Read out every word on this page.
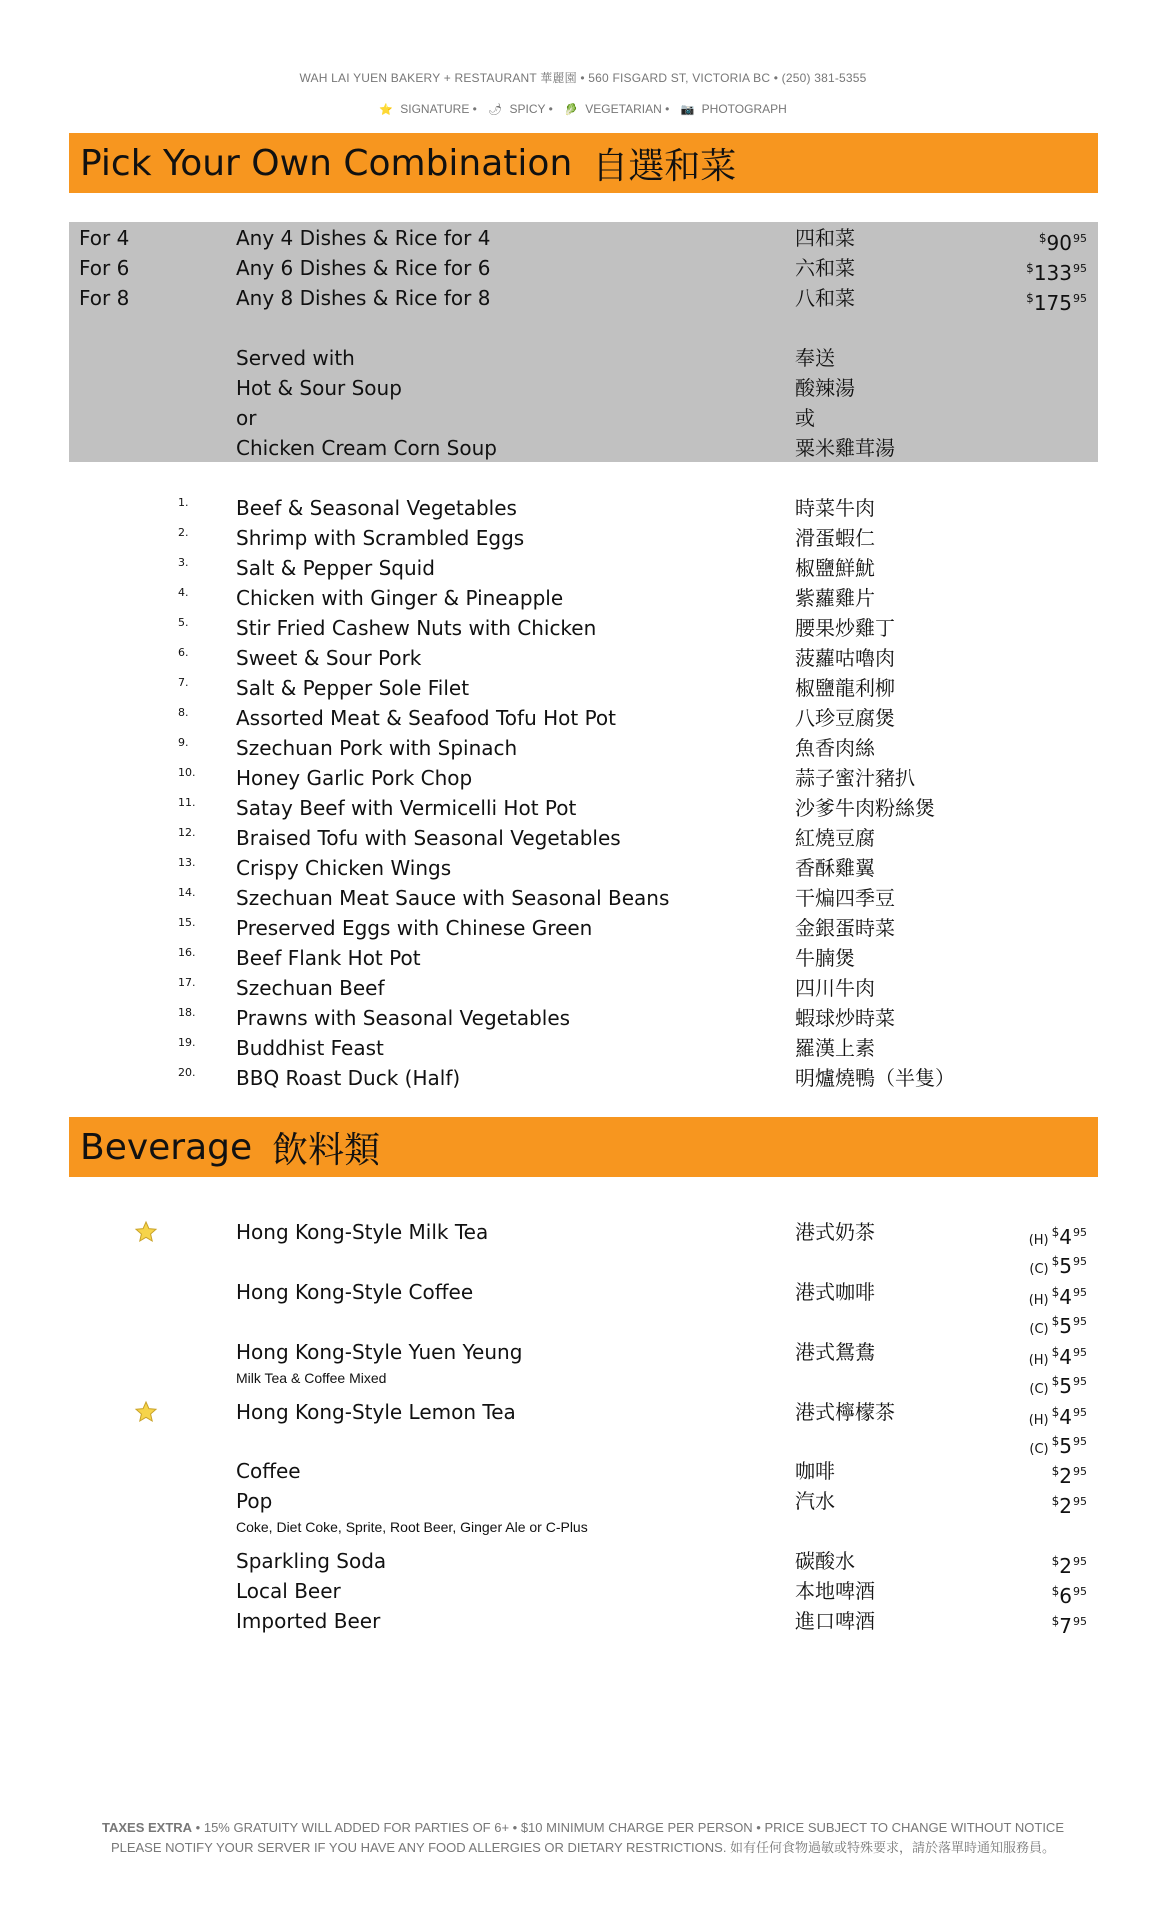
WAH LAI YUEN BAKERY + RESTAURANT 華麗園 • 560 FISGARD ST, VICTORIA BC • (250) 381-5355
⭐ SIGNATURE • 🌶 SPICY • 🥬 VEGETARIAN • 📷 PHOTOGRAPH
Pick Your Own Combination 自選和菜
For 4	Any 4 Dishes & Rice for 4	四和菜	$^{\$}90^{95}$
For 6	Any 6 Dishes & Rice for 6	六和菜	$^{\$}133^{95}$
For 8	Any 8 Dishes & Rice for 8	八和菜	$^{\$}175^{95}$
Served with	奉送
Hot & Sour Soup	酸辣湯
or	或
Chicken Cream Corn Soup	粟米雞茸湯
1. Beef & Seasonal Vegetables	時菜牛肉
2. Shrimp with Scrambled Eggs	滑蛋蝦仁
3. Salt & Pepper Squid	椒鹽鮮魷
4. Chicken with Ginger & Pineapple	紫蘿雞片
5. Stir Fried Cashew Nuts with Chicken	腰果炒雞丁
6. Sweet & Sour Pork	菠蘿咕嚕肉
7. Salt & Pepper Sole Filet	椒鹽龍利柳
8. Assorted Meat & Seafood Tofu Hot Pot	八珍豆腐煲
9. Szechuan Pork with Spinach	魚香肉絲
10. Honey Garlic Pork Chop	蒜子蜜汁豬扒
11. Satay Beef with Vermicelli Hot Pot	沙爹牛肉粉絲煲
12. Braised Tofu with Seasonal Vegetables	紅燒豆腐
13. Crispy Chicken Wings	香酥雞翼
14. Szechuan Meat Sauce with Seasonal Beans	干煸四季豆
15. Preserved Eggs with Chinese Green	金銀蛋時菜
16. Beef Flank Hot Pot	牛腩煲
17. Szechuan Beef	四川牛肉
18. Prawns with Seasonal Vegetables	蝦球炒時菜
19. Buddhist Feast	羅漢上素
20. BBQ Roast Duck (Half)	明爐燒鴨（半隻）
Beverage 飲料類
Hong Kong-Style Milk Tea	港式奶茶	$(H)^{\$}4^{95}$
$(C)^{\$}5^{95}$
Hong Kong-Style Coffee	港式咖啡	$(H)^{\$}4^{95}$
$(C)^{\$}5^{95}$
Hong Kong-Style Yuen Yeung	港式鴛鴦	$(H)^{\$}4^{95}$
$(C)^{\$}5^{95}$
Milk Tea & Coffee Mixed
Hong Kong-Style Lemon Tea	港式檸檬茶	$(H)^{\$}4^{95}$
$(C)^{\$}5^{95}$
Coffee	咖啡	$^{\$}2^{95}$
Pop	汽水	$^{\$}2^{95}$
Coke, Diet Coke, Sprite, Root Beer, Ginger Ale or C-Plus
Sparkling Soda	碳酸水	$^{\$}2^{95}$
Local Beer	本地啤酒	$^{\$}6^{95}$
Imported Beer	進口啤酒	$^{\$}7^{95}$
TAXES EXTRA • 15% GRATUITY WILL ADDED FOR PARTIES OF 6+ • $10 MINIMUM CHARGE PER PERSON • PRICE SUBJECT TO CHANGE WITHOUT NOTICE
PLEASE NOTIFY YOUR SERVER IF YOU HAVE ANY FOOD ALLERGIES OR DIETARY RESTRICTIONS. 如有任何食物過敏或特殊要求，請於落單時通知服務員。
